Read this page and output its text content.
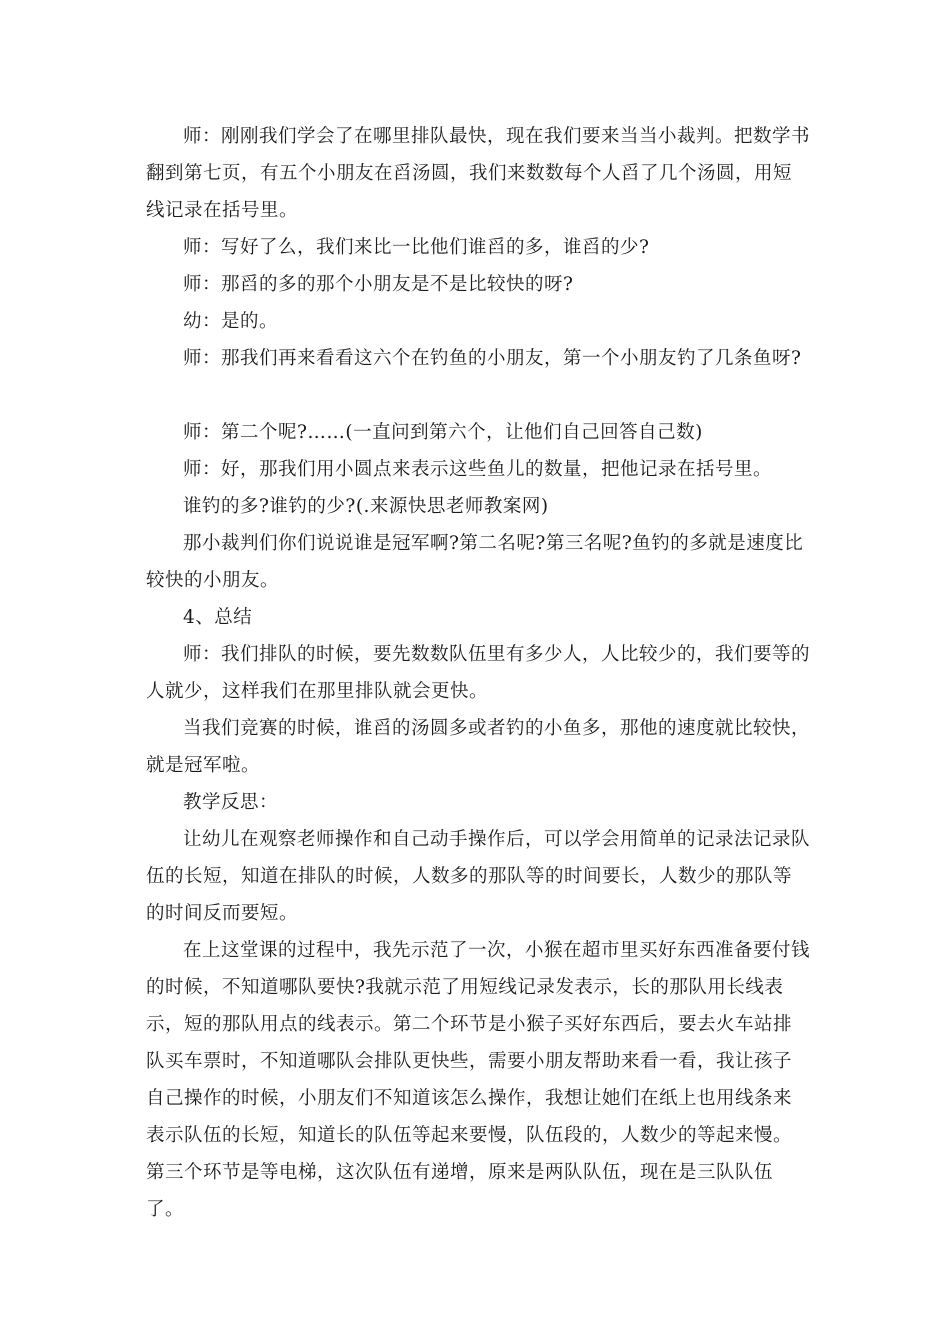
师：刚刚我们学会了在哪里排队最快，现在我们要来当当小裁判。把数学书翻到第七页，有五个小朋友在舀汤圆，我们来数数每个人舀了几个汤圆，用短线记录在括号里。

师：写好了么，我们来比一比他们谁舀的多，谁舀的少?

师：那舀的多的那个小朋友是不是比较快的呀?

幼：是的。

师：那我们再来看看这六个在钓鱼的小朋友，第一个小朋友钓了几条鱼呀?

师：第二个呢?……(一直问到第六个，让他们自己回答自己数)

师：好，那我们用小圆点来表示这些鱼儿的数量，把他记录在括号里。

谁钓的多?谁钓的少?(.来源快思老师教案网)

那小裁判们你们说说谁是冠军啊?第二名呢?第三名呢?鱼钓的多就是速度比较快的小朋友。

4、总结

师：我们排队的时候，要先数数队伍里有多少人，人比较少的，我们要等的人就少，这样我们在那里排队就会更快。

当我们竞赛的时候，谁舀的汤圆多或者钓的小鱼多，那他的速度就比较快，就是冠军啦。

教学反思：

让幼儿在观察老师操作和自己动手操作后，可以学会用简单的记录法记录队伍的长短，知道在排队的时候，人数多的那队等的时间要长，人数少的那队等的时间反而要短。

在上这堂课的过程中，我先示范了一次，小猴在超市里买好东西准备要付钱的时候，不知道哪队要快?我就示范了用短线记录发表示，长的那队用长线表示，短的那队用点的线表示。第二个环节是小猴子买好东西后，要去火车站排队买车票时，不知道哪队会排队更快些，需要小朋友帮助来看一看，我让孩子自己操作的时候，小朋友们不知道该怎么操作，我想让她们在纸上也用线条来表示队伍的长短，知道长的队伍等起来要慢，队伍段的，人数少的等起来慢。第三个环节是等电梯，这次队伍有递增，原来是两队队伍，现在是三队队伍了。
